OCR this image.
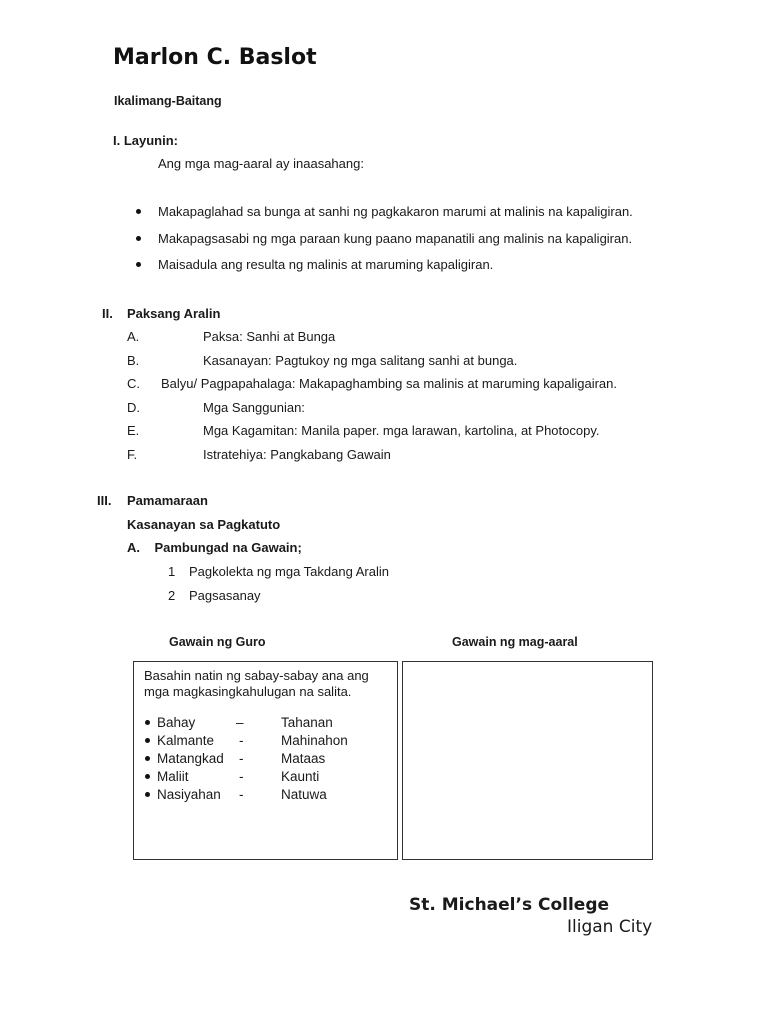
Marlon C. Baslot
Ikalimang-Baitang
I. Layunin:
Ang mga mag-aaral ay inaasahang:
Makapaglahad sa bunga at sanhi ng pagkakaron marumi at malinis na kapaligiran.
Makapagsasabi ng mga paraan kung paano mapanatili ang malinis na kapaligiran.
Maisadula ang resulta ng malinis at maruming kapaligiran.
II. Paksang Aralin
A.	Paksa: Sanhi at Bunga
B.	Kasanayan: Pagtukoy ng mga salitang sanhi at bunga.
C. Balyu/ Pagpapahalaga: Makapaghambing sa malinis at maruming kapaligairan.
D.	Mga Sanggunian:
E.	Mga Kagamitan: Manila paper. mga larawan, kartolina, at Photocopy.
F.	Istratehiya: Pangkabang Gawain
III. Pamamaraan
Kasanayan sa Pagkatuto
A.    Pambungad na Gawain;
1 Pagkolekta ng mga Takdang Aralin
2 Pagsasanay
Gawain ng Guro	Gawain ng mag-aaral
Basahin natin ng sabay-sabay ana ang
mga magkasingkahulugan na salita.
Bahay	–	Tahanan
Kalmante -	Mahinahon
Matangkad -	Mataas
Maliit	-	Kaunti
Nasiyahan -	Natuwa
St. Michael’s College
Iligan City
